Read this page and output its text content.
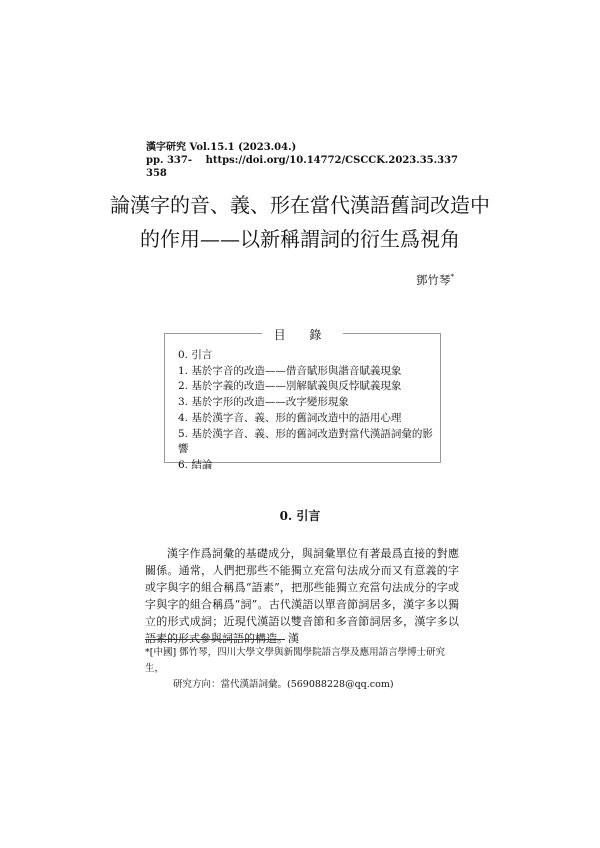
漢字研究 Vol.15.1 (2023.04.)
pp. 337-358
https://doi.org/10.14772/CSCCK.2023.35.337
論漢字的音、義、形在當代漢語舊詞改造中
的作用——以新稱謂詞的衍生爲視角
鄧竹琴*
目 錄
0. 引言
1. 基於字音的改造——借音賦形與諧音賦義現象
2. 基於字義的改造——別解賦義與反悖賦義現象
3. 基於字形的改造——改字變形現象
4. 基於漢字音、義、形的舊詞改造中的語用心理
5. 基於漢字音、義、形的舊詞改造對當代漢語詞彙的影響
6. 結論
0. 引言

漢字作爲詞彙的基礎成分，與詞彙單位有著最爲直接的對應關係。通常，人們把那些不能獨立充當句法成分而又有意義的字或字與字的組合稱爲“語素”，把那些能獨立充當句法成分的字或字與字的組合稱爲“詞”。古代漢語以單音節詞居多，漢字多以獨立的形式成詞；近現代漢語以雙音節和多音節詞居多，漢字多以語素的形式參與詞語的構造。漢

*[中國] 鄧竹琴，四川大學文學與新聞學院語言學及應用語言學博士研究生，
研究方向：當代漢語詞彙。(569088228@qq.com)
